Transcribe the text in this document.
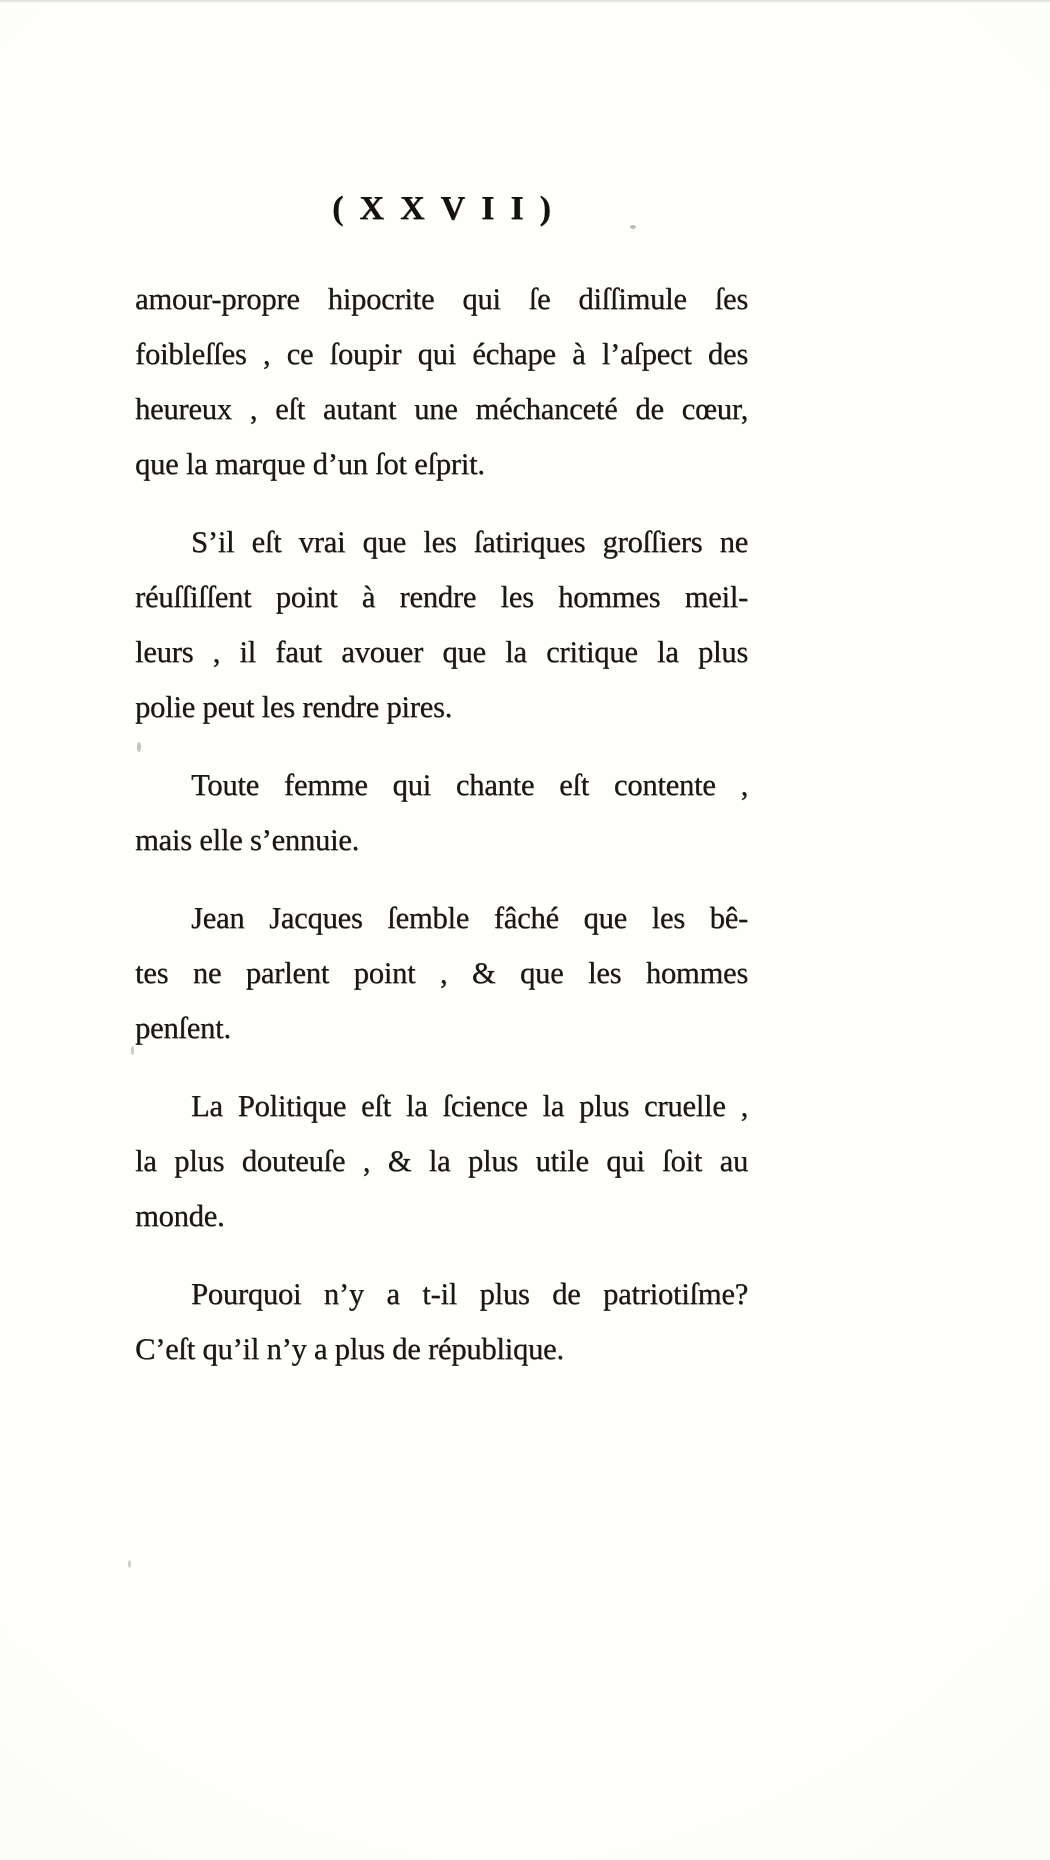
(XXVII)
amour-propre hipocrite qui ſe diſſimule ſes
foibleſſes , ce ſoupir qui échape à l’aſpect des
heureux , eſt autant une méchanceté de cœur,
que la marque d’un ſot eſprit.
S’il eſt vrai que les ſatiriques groſſiers ne
réuſſiſſent point à rendre les hommes meil-
leurs , il faut avouer que la critique la plus
polie peut les rendre pires.
Toute femme qui chante eſt contente ,
mais elle s’ennuie.
Jean Jacques ſemble fâché que les bê-
tes ne parlent point , & que les hommes
penſent.
La Politique eſt la ſcience la plus cruelle ,
la plus douteuſe , & la plus utile qui ſoit au
monde.
Pourquoi n’y a t-il plus de patriotiſme?
C’eſt qu’il n’y a plus de république.
